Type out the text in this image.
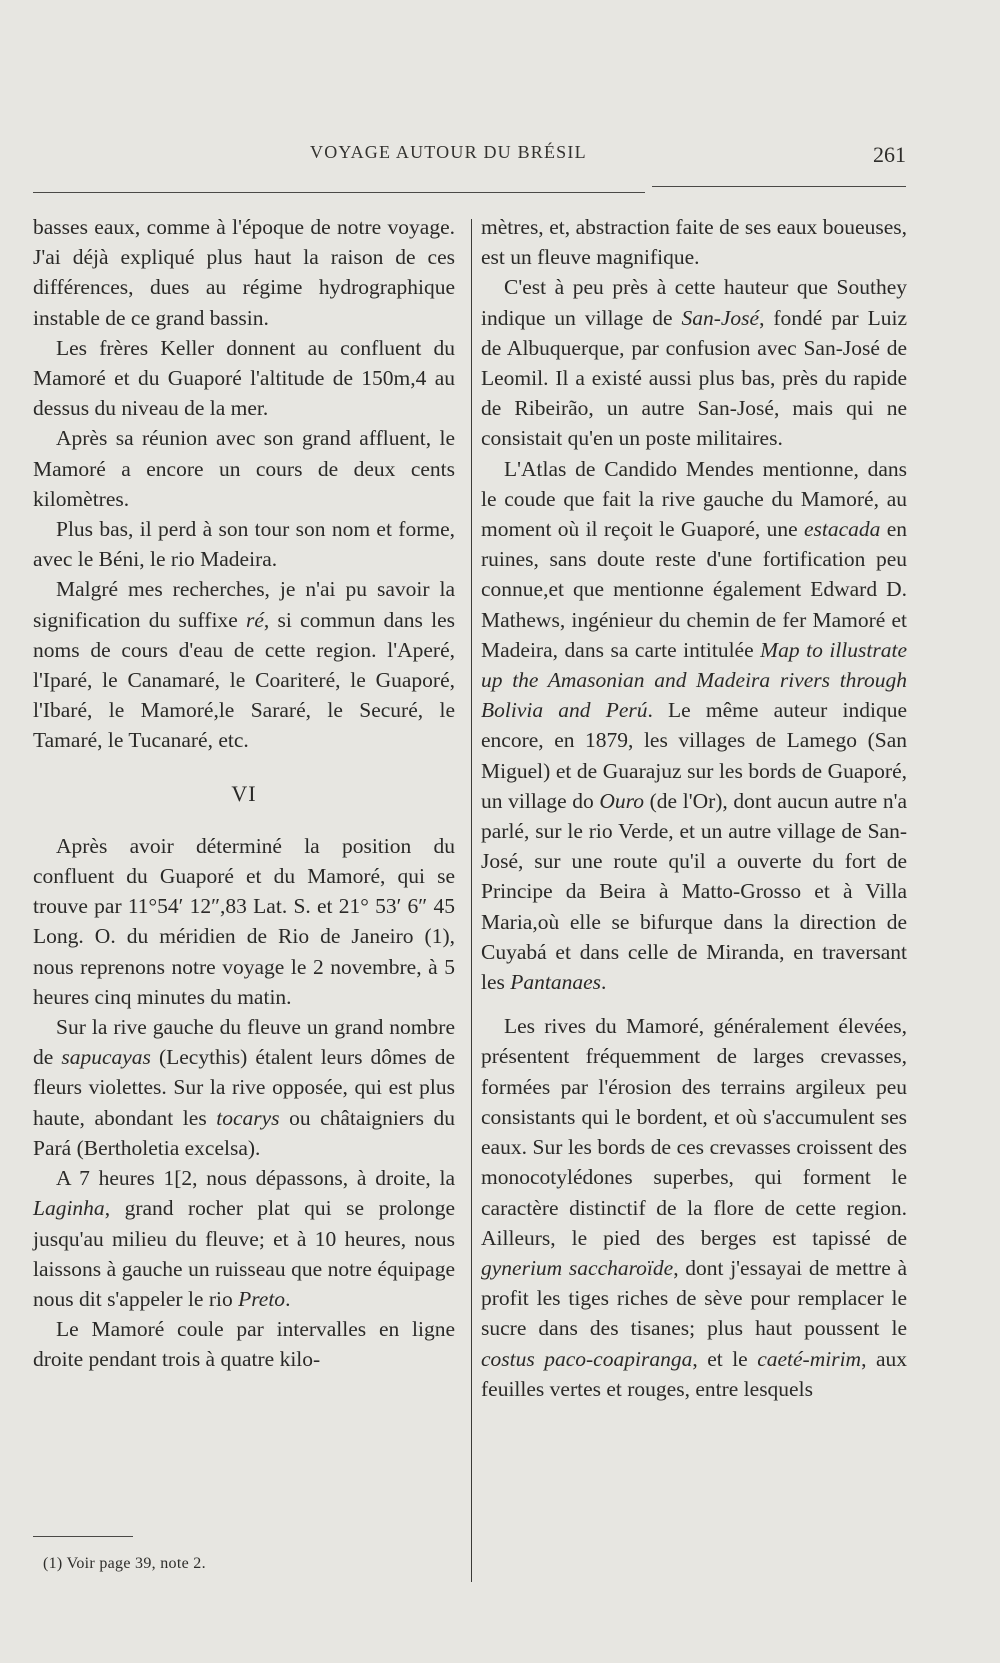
VOYAGE AUTOUR DU BRÉSIL	261

basses eaux, comme à l'époque de notre voyage. J'ai déjà expliqué plus haut la raison de ces différences, dues au régime hydrographique instable de ce grand bassin.

Les frères Keller donnent au confluent du Mamoré et du Guaporé l'altitude de 150m,4 au dessus du niveau de la mer.

Après sa réunion avec son grand affluent, le Mamoré a encore un cours de deux cents kilomètres.

Plus bas, il perd à son tour son nom et forme, avec le Béni, le rio Madeira.

Malgré mes recherches, je n'ai pu savoir la signification du suffixe ré, si commun dans les noms de cours d'eau de cette region. l'Aperé, l'Iparé, le Canamaré, le Coariteré, le Guaporé, l'Ibaré, le Mamoré,le Sararé, le Securé, le Tamaré, le Tucanaré, etc.

VI

Après avoir déterminé la position du confluent du Guaporé et du Mamoré, qui se trouve par 11°54′ 12″,83 Lat. S. et 21° 53′ 6″ 45 Long. O. du méridien de Rio de Janeiro (1), nous reprenons notre voyage le 2 novembre, à 5 heures cinq minutes du matin.

Sur la rive gauche du fleuve un grand nombre de sapucayas (Lecythis) étalent leurs dômes de fleurs violettes. Sur la rive opposée, qui est plus haute, abondant les tocarys ou châtaigniers du Pará (Bertholetia excelsa).

A 7 heures 1[2, nous dépassons, à droite, la Laginha, grand rocher plat qui se prolonge jusqu'au milieu du fleuve; et à 10 heures, nous laissons à gauche un ruisseau que notre équipage nous dit s'appeler le rio Preto.

Le Mamoré coule par intervalles en ligne droite pendant trois à quatre kilo-

(1) Voir page 39, note 2.

mètres, et, abstraction faite de ses eaux boueuses, est un fleuve magnifique.

C'est à peu près à cette hauteur que Southey indique un village de San-José, fondé par Luiz de Albuquerque, par confusion avec San-José de Leomil. Il a existé aussi plus bas, près du rapide de Ribeirão, un autre San-José, mais qui ne consistait qu'en un poste militaires.

L'Atlas de Candido Mendes mentionne, dans le coude que fait la rive gauche du Mamoré, au moment où il reçoit le Guaporé, une estacada en ruines, sans doute reste d'une fortification peu connue,et que mentionne également Edward D. Mathews, ingénieur du chemin de fer Mamoré et Madeira, dans sa carte intitulée Map to illustrate up the Amasonian and Madeira rivers through Bolivia and Perú. Le même auteur indique encore, en 1879, les villages de Lamego (San Miguel) et de Guarajuz sur les bords de Guaporé, un village do Ouro (de l'Or), dont aucun autre n'a parlé, sur le rio Verde, et un autre village de San-José, sur une route qu'il a ouverte du fort de Principe da Beira à Matto-Grosso et à Villa Maria,où elle se bifurque dans la direction de Cuyabá et dans celle de Miranda, en traversant les Pantanaes.

Les rives du Mamoré, généralement élevées, présentent fréquemment de larges crevasses, formées par l'érosion des terrains argileux peu consistants qui le bordent, et où s'accumulent ses eaux. Sur les bords de ces crevasses croissent des monocotylédones superbes, qui forment le caractère distinctif de la flore de cette region. Ailleurs, le pied des berges est tapissé de gynerium saccharoïde, dont j'essayai de mettre à profit les tiges riches de sève pour remplacer le sucre dans des tisanes; plus haut poussent le costus paco-coapiranga, et le caeté-mirim, aux feuilles vertes et rouges, entre lesquels
